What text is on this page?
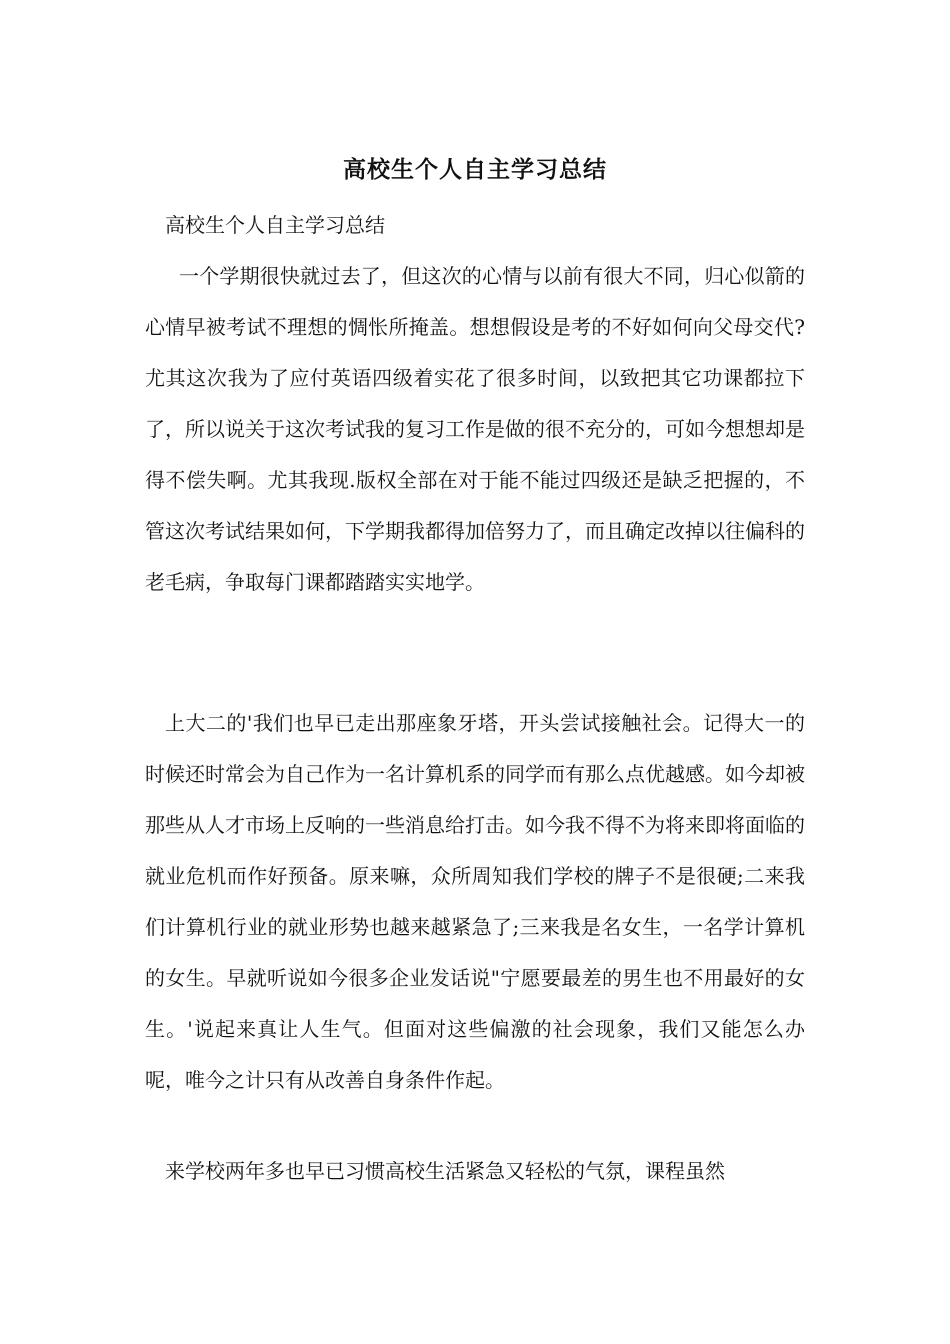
高校生个人自主学习总结
高校生个人自主学习总结
一个学期很快就过去了，但这次的心情与以前有很大不同，归心似箭的心情早被考试不理想的惆怅所掩盖。想想假设是考的不好如何向父母交代?尤其这次我为了应付英语四级着实花了很多时间，以致把其它功课都拉下了，所以说关于这次考试我的复习工作是做的很不充分的，可如今想想却是得不偿失啊。尤其我现.版权全部在对于能不能过四级还是缺乏把握的，不管这次考试结果如何，下学期我都得加倍努力了，而且确定改掉以往偏科的老毛病，争取每门课都踏踏实实地学。
上大二的'我们也早已走出那座象牙塔，开头尝试接触社会。记得大一的时候还时常会为自己作为一名计算机系的同学而有那么点优越感。如今却被那些从人才市场上反响的一些消息给打击。如今我不得不为将来即将面临的就业危机而作好预备。原来嘛，众所周知我们学校的牌子不是很硬;二来我们计算机行业的就业形势也越来越紧急了;三来我是名女生，一名学计算机的女生。早就听说如今很多企业发话说"宁愿要最差的男生也不用最好的女生。'说起来真让人生气。但面对这些偏激的社会现象，我们又能怎么办呢，唯今之计只有从改善自身条件作起。
来学校两年多也早已习惯高校生活紧急又轻松的气氛，课程虽然
